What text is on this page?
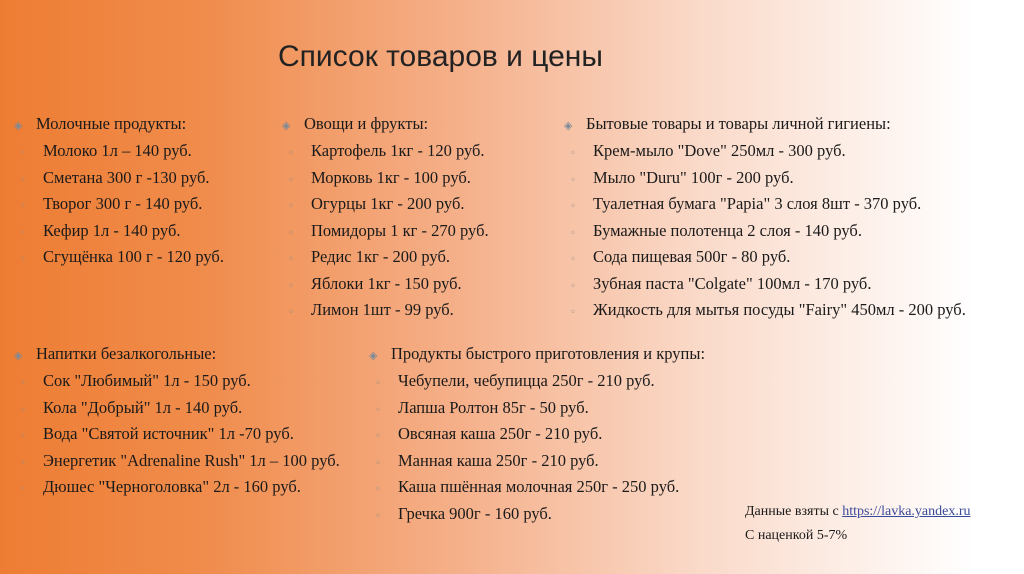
Список товаров и цены
◈ Молочные продукты:
◦ Молоко 1л – 140 руб.
◦ Сметана 300 г -130 руб.
◦ Творог 300 г - 140 руб.
◦ Кефир 1л - 140 руб.
◦ Сгущёнка 100 г - 120 руб.
◈ Овощи и фрукты:
◦ Картофель 1кг - 120 руб.
◦ Морковь 1кг - 100 руб.
◦ Огурцы 1кг - 200 руб.
◦ Помидоры 1 кг - 270 руб.
◦ Редис 1кг - 200 руб.
◦ Яблоки 1кг - 150 руб.
◦ Лимон 1шт - 99 руб.
◈ Бытовые товары и товары личной гигиены:
◦ Крем-мыло "Dove" 250мл - 300 руб.
◦ Мыло "Duru" 100г - 200 руб.
◦ Туалетная бумага "Papia" 3 слоя 8шт - 370 руб.
◦ Бумажные полотенца 2 слоя - 140 руб.
◦ Сода пищевая 500г - 80 руб.
◦ Зубная паста "Colgate" 100мл - 170 руб.
◦ Жидкость для мытья посуды "Fairy" 450мл - 200 руб.
◈ Напитки безалкогольные:
◦ Сок "Любимый" 1л - 150 руб.
◦ Кола "Добрый" 1л - 140 руб.
◦ Вода "Святой источник" 1л -70 руб.
◦ Энергетик "Adrenaline Rush" 1л – 100 руб.
◦ Дюшес "Черноголовка" 2л - 160 руб.
◈ Продукты быстрого приготовления и крупы:
◦ Чебупели, чебупицца 250г - 210 руб.
◦ Лапша Ролтон 85г - 50 руб.
◦ Овсяная каша 250г - 210 руб.
◦ Манная каша 250г - 210 руб.
◦ Каша пшённая молочная 250г - 250 руб.
◦ Гречка 900г - 160 руб.	Данные взяты с https://lavka.yandex.ru
С наценкой 5-7%
